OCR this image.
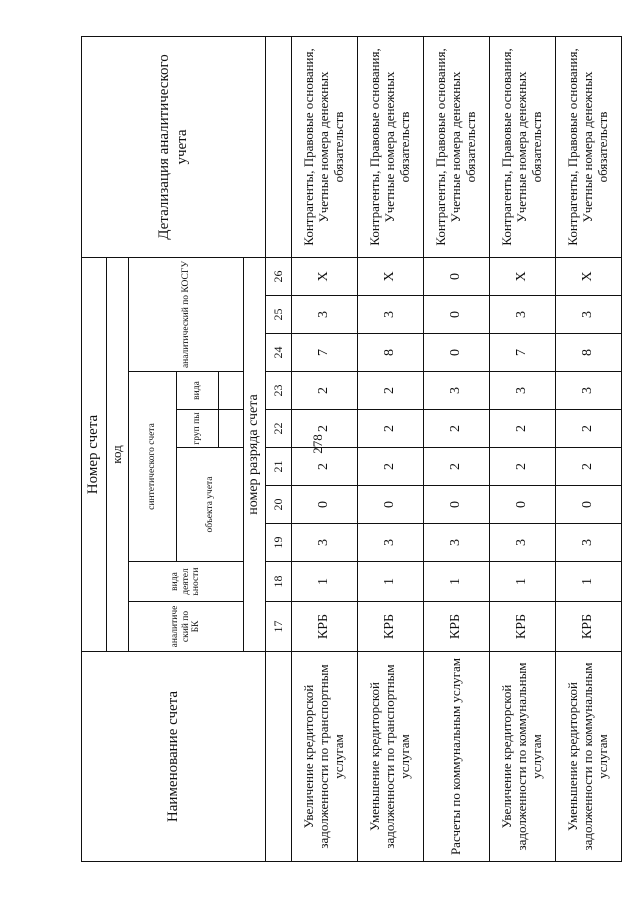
278
Наименование счета	Номер счета										Детализация аналитического учета
	код										
	аналитиче ский по БК	вида деятел ьности	синтетического счета					аналитический по КОСГУ			
			объекта учета			груп пы	вида				

	номер разряда счета										
	17	18	19	20	21	22	23	24	25	26	
Увеличение кредиторской задолженности по транспортным услугам	КРБ	1	3	0	2	2	2	7	3	X	Контрагенты, Правовые основания, Учетные номера денежных обязательств
Уменьшение кредиторской задолженности по транспортным услугам	КРБ	1	3	0	2	2	2	8	3	X	Контрагенты, Правовые основания, Учетные номера денежных обязательств
Расчеты по коммунальным услугам	КРБ	1	3	0	2	2	3	0	0	0	Контрагенты, Правовые основания, Учетные номера денежных обязательств
Увеличение кредиторской задолженности по коммунальным услугам	КРБ	1	3	0	2	2	3	7	3	X	Контрагенты, Правовые основания, Учетные номера денежных обязательств
Уменьшение кредиторской задолженности по коммунальным услугам	КРБ	1	3	0	2	2	3	8	3	X	Контрагенты, Правовые основания, Учетные номера денежных обязательств
